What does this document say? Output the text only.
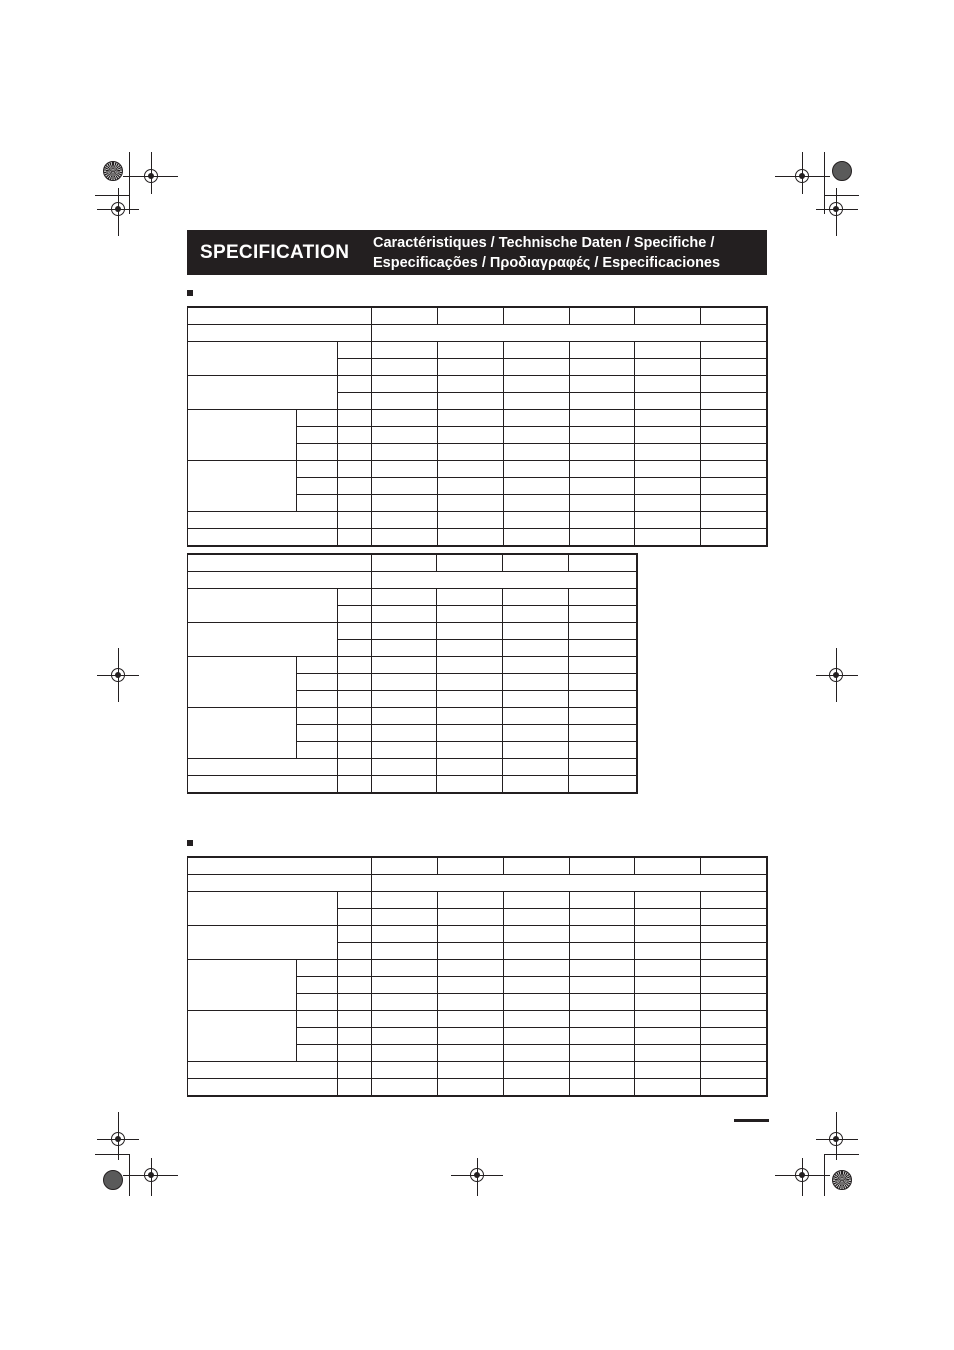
SPECIFICATION Caractéristiques / Technische Daten / Specifiche /
Especificações / Προδιαγραφές / Especificaciones
